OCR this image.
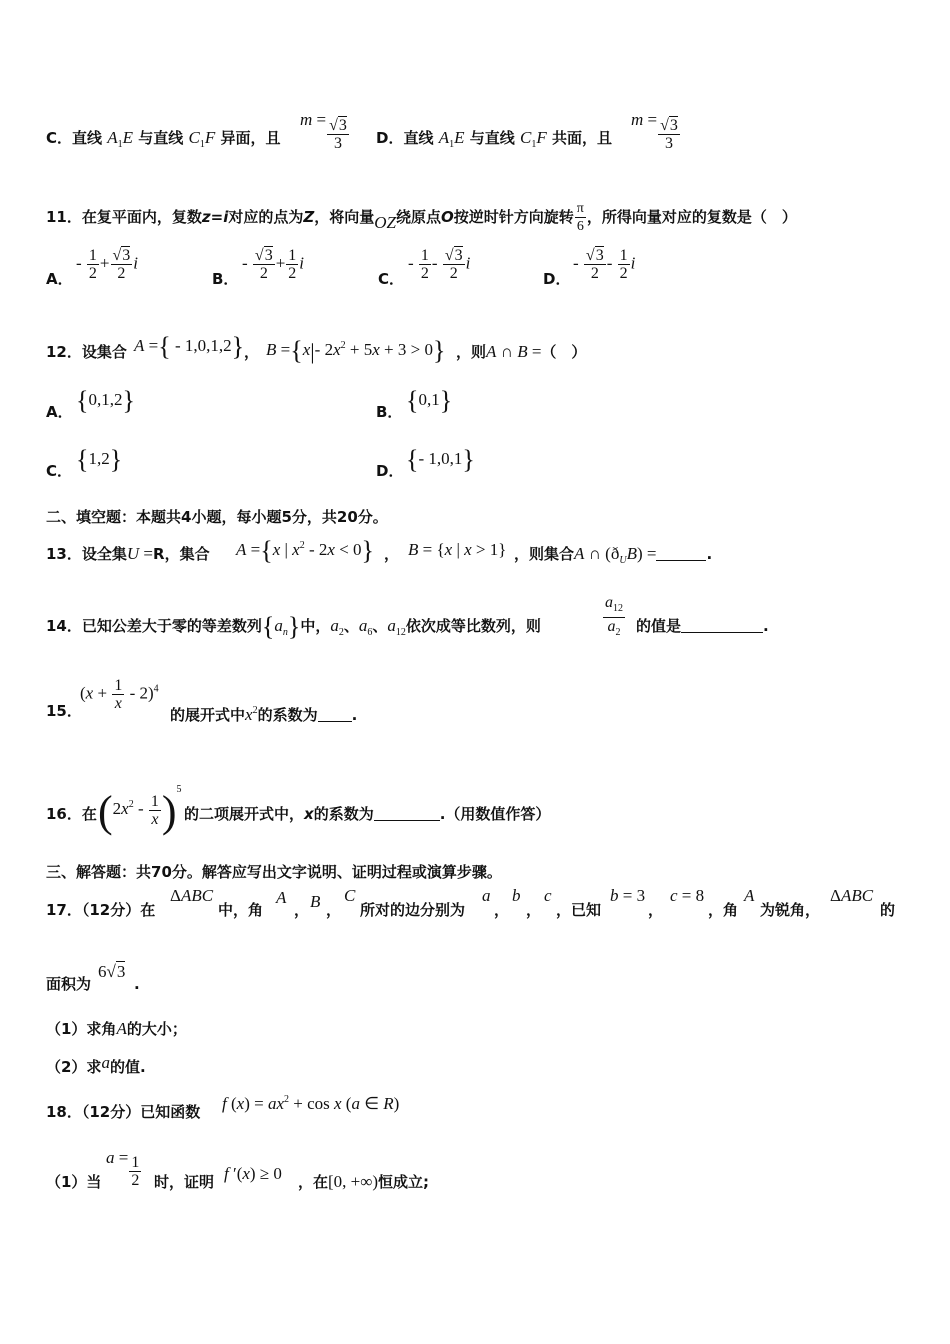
C．直线 $A_1E$ 与直线 $C_1F$ 异面，且
$m = \frac{√3}{3}$ D．直线 $A_1E$ 与直线 $C_1F$ 共面，且
$m = \frac{√3}{3}$
11．在复平面内，复数z=i对应的点为Z，将向量OZ绕原点O按逆时针方向旋转 $\frac{\pi}{6}$ ，所得向量对应的复数是（　）
A．
- $\frac{1}{2} + \frac{√3}{2}$ i
B．
- $\frac{√3}{2} + \frac{1}{2}$ i
C．
- $\frac{1}{2} - \frac{√3}{2}$ i
D．
- $\frac{√3}{2} - \frac{1}{2}$ i
12．设集合 A ={ - 1,0,1,2} ， B ={x|- $2x^2 + 5x + 3 > 0$} ，则A ∩ B =（　）
A． {0,1,2}	B． {0,1}
C． {1,2}	D． {- 1,0,1}
二、填空题：本题共4小题，每小题5分，共20分。
13．设全集U =R，集合 A ={x | $x^2 - 2x < 0$} ， B = {x | x > 1} ，则集合A ∩ $(ð_UB)$ =	.
14．已知公差大于零的等差数列$\{a_n\}$中，$a_2$、$a_6$、$a_{12}$依次成等比数列，则	$\frac{a_{12}}{a_2}$ 的值是	.
15．
$(x + \frac{1}{x} - 2)^4$
的展开式中$x^2$的系数为 .
16．在 $(2x^2 - \frac{1}{x} )^5$
的二项展开式中，x的系数为	.（用数值作答）
三、解答题：共70分。解答应写出文字说明、证明过程或演算步骤。
17．（12分）在
ΔABC
中，角
A
， B ，
C
所对的边分别为
a
，
b
，
c
，已知
b = 3
，
c = 8
，角
A
为锐角，
ΔABC
的
面积为
6√3
.
（1）求角A的大小；
（2）求a的值.
18．（12分）已知函数 f $(x) = ax^2 + \cos x$ (a ∈ R)
（1）当
$a = \frac{1}{2}$ 时，证明 f ′(x) ≥ 0 ，在[0, +∞)恒成立;
